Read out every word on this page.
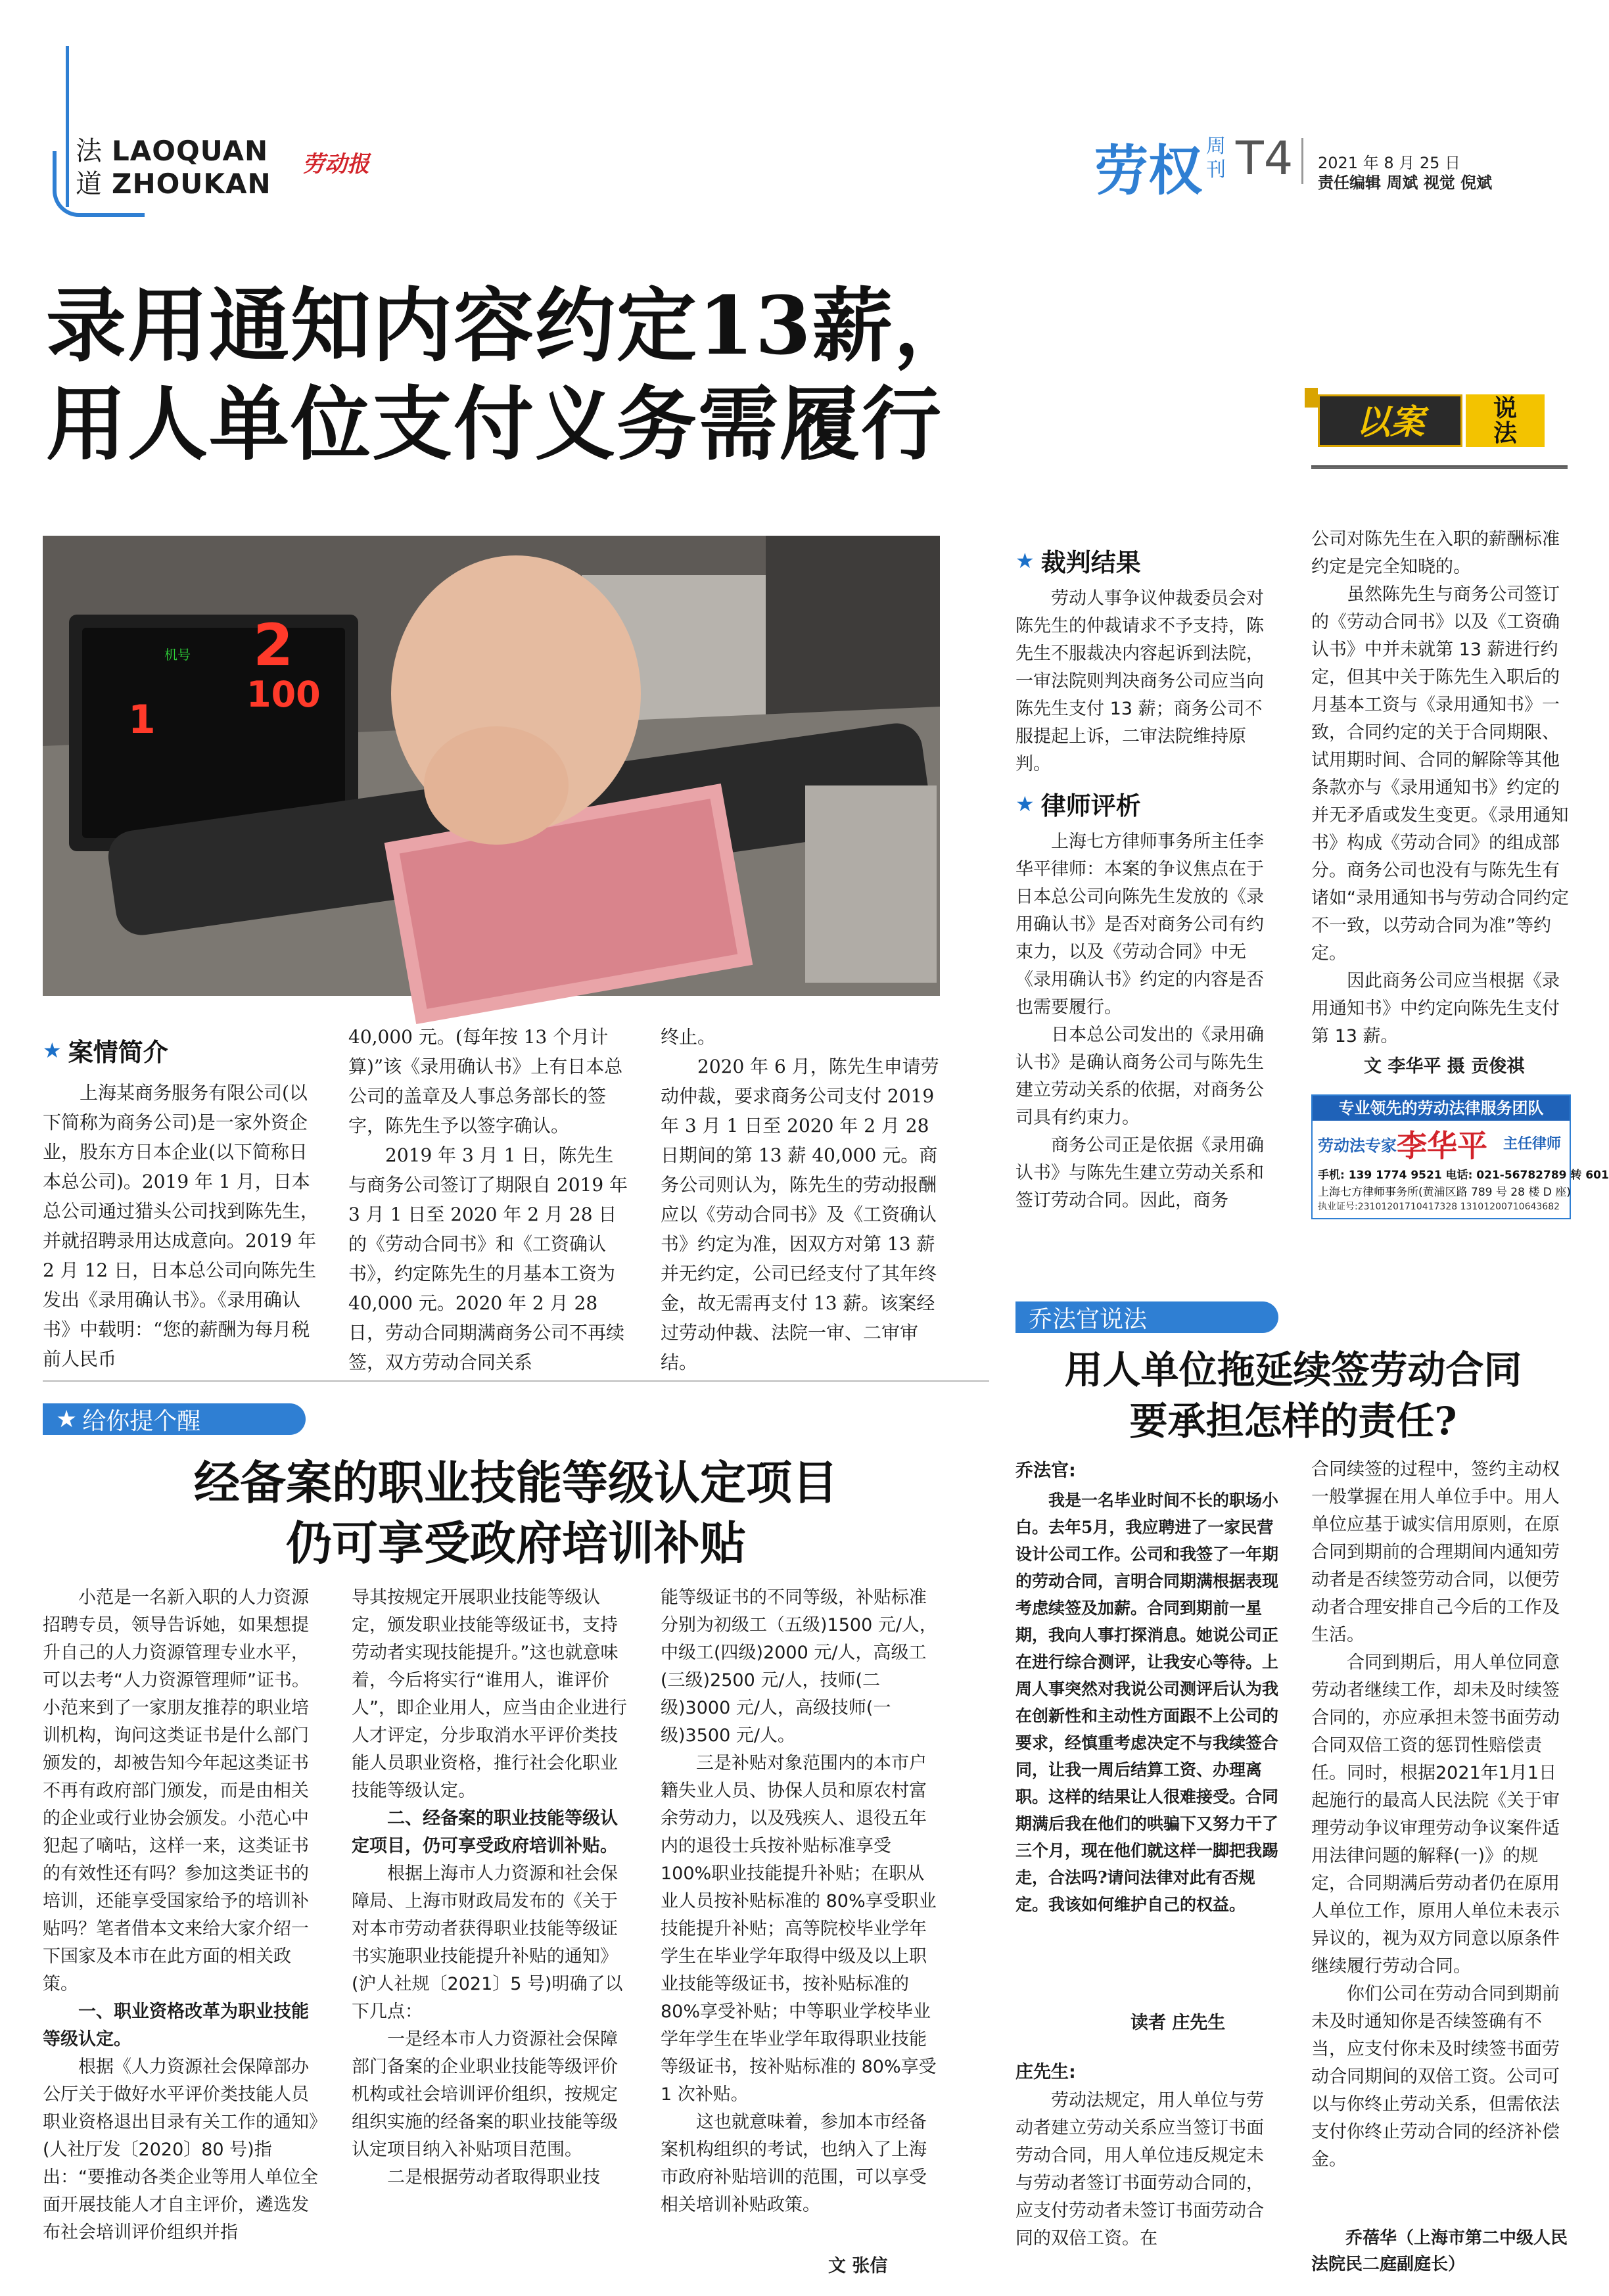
法
道
LAOQUAN
ZHOUKAN
劳动报	劳权 周
刊 T4 2021 年 8 月 25 日
责任编辑 周斌 视觉 倪斌
录用通知内容约定13薪，
用人单位支付义务需履行	以案	说
法
机号 2
100
1
★ 案情简介

上海某商务服务有限公司(以下简称为商务公司)是一家外资企业，股东方日本企业(以下简称日本总公司)。2019 年 1 月，日本总公司通过猎头公司找到陈先生，并就招聘录用达成意向。2019 年 2 月 12 日，日本总公司向陈先生发出《录用确认书》。《录用确认书》中载明：“您的薪酬为每月税前人民币

40,000 元。(每年按 13 个月计算)”该《录用确认书》上有日本总公司的盖章及人事总务部长的签字，陈先生予以签字确认。

2019 年 3 月 1 日，陈先生与商务公司签订了期限自 2019 年 3 月 1 日至 2020 年 2 月 28 日的《劳动合同书》和《工资确认书》，约定陈先生的月基本工资为 40,000 元。2020 年 2 月 28 日，劳动合同期满商务公司不再续签，双方劳动合同关系

终止。

2020 年 6 月，陈先生申请劳动仲裁，要求商务公司支付 2019 年 3 月 1 日至 2020 年 2 月 28 日期间的第 13 薪 40,000 元。商务公司则认为，陈先生的劳动报酬应以《劳动合同书》及《工资确认书》约定为准，因双方对第 13 薪并无约定，公司已经支付了其年终金，故无需再支付 13 薪。该案经过劳动仲裁、法院一审、二审审结。

★ 裁判结果

劳动人事争议仲裁委员会对陈先生的仲裁请求不予支持，陈先生不服裁决内容起诉到法院，一审法院则判决商务公司应当向陈先生支付 13 薪；商务公司不服提起上诉，二审法院维持原判。

★ 律师评析

上海七方律师事务所主任李华平律师：本案的争议焦点在于日本总公司向陈先生发放的《录用确认书》是否对商务公司有约束力，以及《劳动合同》中无《录用确认书》约定的内容是否也需要履行。

日本总公司发出的《录用确认书》是确认商务公司与陈先生建立劳动关系的依据，对商务公司具有约束力。

商务公司正是依据《录用确认书》与陈先生建立劳动关系和签订劳动合同。因此，商务

公司对陈先生在入职的薪酬标准约定是完全知晓的。

虽然陈先生与商务公司签订的《劳动合同书》以及《工资确认书》中并未就第 13 薪进行约定，但其中关于陈先生入职后的月基本工资与《录用通知书》一致，合同约定的关于合同期限、试用期时间、合同的解除等其他条款亦与《录用通知书》约定的并无矛盾或发生变更。《录用通知书》构成《劳动合同》的组成部分。商务公司也没有与陈先生有诸如“录用通知书与劳动合同约定不一致，以劳动合同为准”等约定。

因此商务公司应当根据《录用通知书》中约定向陈先生支付第 13 薪。

文 李华平 摄 贡俊祺
专业领先的劳动法律服务团队
劳动法专家 李华平 主任律师
手机: 139 1774 9521 电话: 021-56782789 转 601
上海七方律师事务所(黄浦区路 789 号 28 楼 D 座)
执业证号:23101201710417328 13101200710643682
★ 给你提个醒
经备案的职业技能等级认定项目
仍可享受政府培训补贴

小范是一名新入职的人力资源招聘专员，领导告诉她，如果想提升自己的人力资源管理专业水平，可以去考“人力资源管理师”证书。小范来到了一家朋友推荐的职业培训机构，询问这类证书是什么部门颁发的，却被告知今年起这类证书不再有政府部门颁发，而是由相关的企业或行业协会颁发。小范心中犯起了嘀咕，这样一来，这类证书的有效性还有吗？参加这类证书的培训，还能享受国家给予的培训补贴吗？笔者借本文来给大家介绍一下国家及本市在此方面的相关政策。

一、职业资格改革为职业技能等级认定。

根据《人力资源社会保障部办公厅关于做好水平评价类技能人员职业资格退出目录有关工作的通知》(人社厅发〔2020〕80 号)指出：“要推动各类企业等用人单位全面开展技能人才自主评价，遴选发布社会培训评价组织并指

导其按规定开展职业技能等级认定，颁发职业技能等级证书，支持劳动者实现技能提升。”这也就意味着，今后将实行“谁用人，谁评价人”，即企业用人，应当由企业进行人才评定，分步取消水平评价类技能人员职业资格，推行社会化职业技能等级认定。

二、经备案的职业技能等级认定项目，仍可享受政府培训补贴。

根据上海市人力资源和社会保障局、上海市财政局发布的《关于对本市劳动者获得职业技能等级证书实施职业技能提升补贴的通知》(沪人社规〔2021〕5 号)明确了以下几点：

一是经本市人力资源社会保障部门备案的企业职业技能等级评价机构或社会培训评价组织，按规定组织实施的经备案的职业技能等级认定项目纳入补贴项目范围。

二是根据劳动者取得职业技

能等级证书的不同等级，补贴标准分别为初级工（五级)1500 元/人，中级工(四级)2000 元/人，高级工(三级)2500 元/人，技师(二级)3000 元/人，高级技师(一级)3500 元/人。

三是补贴对象范围内的本市户籍失业人员、协保人员和原农村富余劳动力，以及残疾人、退役五年内的退役士兵按补贴标准享受 100%职业技能提升补贴；在职从业人员按补贴标准的 80%享受职业技能提升补贴；高等院校毕业学年学生在毕业学年取得中级及以上职业技能等级证书，按补贴标准的 80%享受补贴；中等职业学校毕业学年学生在毕业学年取得职业技能等级证书，按补贴标准的 80%享受 1 次补贴。

这也就意味着，参加本市经备案机构组织的考试，也纳入了上海市政府补贴培训的范围，可以享受相关培训补贴政策。

文 张信
乔法官说法
用人单位拖延续签劳动合同
要承担怎样的责任?
乔法官:

我是一名毕业时间不长的职场小白。去年5月，我应聘进了一家民营设计公司工作。公司和我签了一年期的劳动合同，言明合同期满根据表现考虑续签及加薪。合同到期前一星期，我向人事打探消息。她说公司正在进行综合测评，让我安心等待。上周人事突然对我说公司测评后认为我在创新性和主动性方面跟不上公司的要求，经慎重考虑决定不与我续签合同，让我一周后结算工资、办理离职。这样的结果让人很难接受。合同期满后我在他们的哄骗下又努力干了三个月，现在他们就这样一脚把我踢走，合法吗?请问法律对此有否规定。我该如何维护自己的权益。

读者 庄先生
庄先生:

劳动法规定，用人单位与劳动者建立劳动关系应当签订书面劳动合同，用人单位违反规定未与劳动者签订书面劳动合同的，应支付劳动者未签订书面劳动合同的双倍工资。在

合同续签的过程中，签约主动权一般掌握在用人单位手中。用人单位应基于诚实信用原则，在原合同到期前的合理期间内通知劳动者是否续签劳动合同，以便劳动者合理安排自己今后的工作及生活。

合同到期后，用人单位同意劳动者继续工作，却未及时续签合同的，亦应承担未签书面劳动合同双倍工资的惩罚性赔偿责任。同时，根据2021年1月1日起施行的最高人民法院《关于审理劳动争议审理劳动争议案件适用法律问题的解释(一)》的规定，合同期满后劳动者仍在原用人单位工作，原用人单位未表示异议的，视为双方同意以原条件继续履行劳动合同。

你们公司在劳动合同到期前未及时通知你是否续签确有不当，应支付你未及时续签书面劳动合同期间的双倍工资。公司可以与你终止劳动关系，但需依法支付你终止劳动合同的经济补偿金。

乔蓓华（上海市第二中级人民法院民二庭副庭长）
